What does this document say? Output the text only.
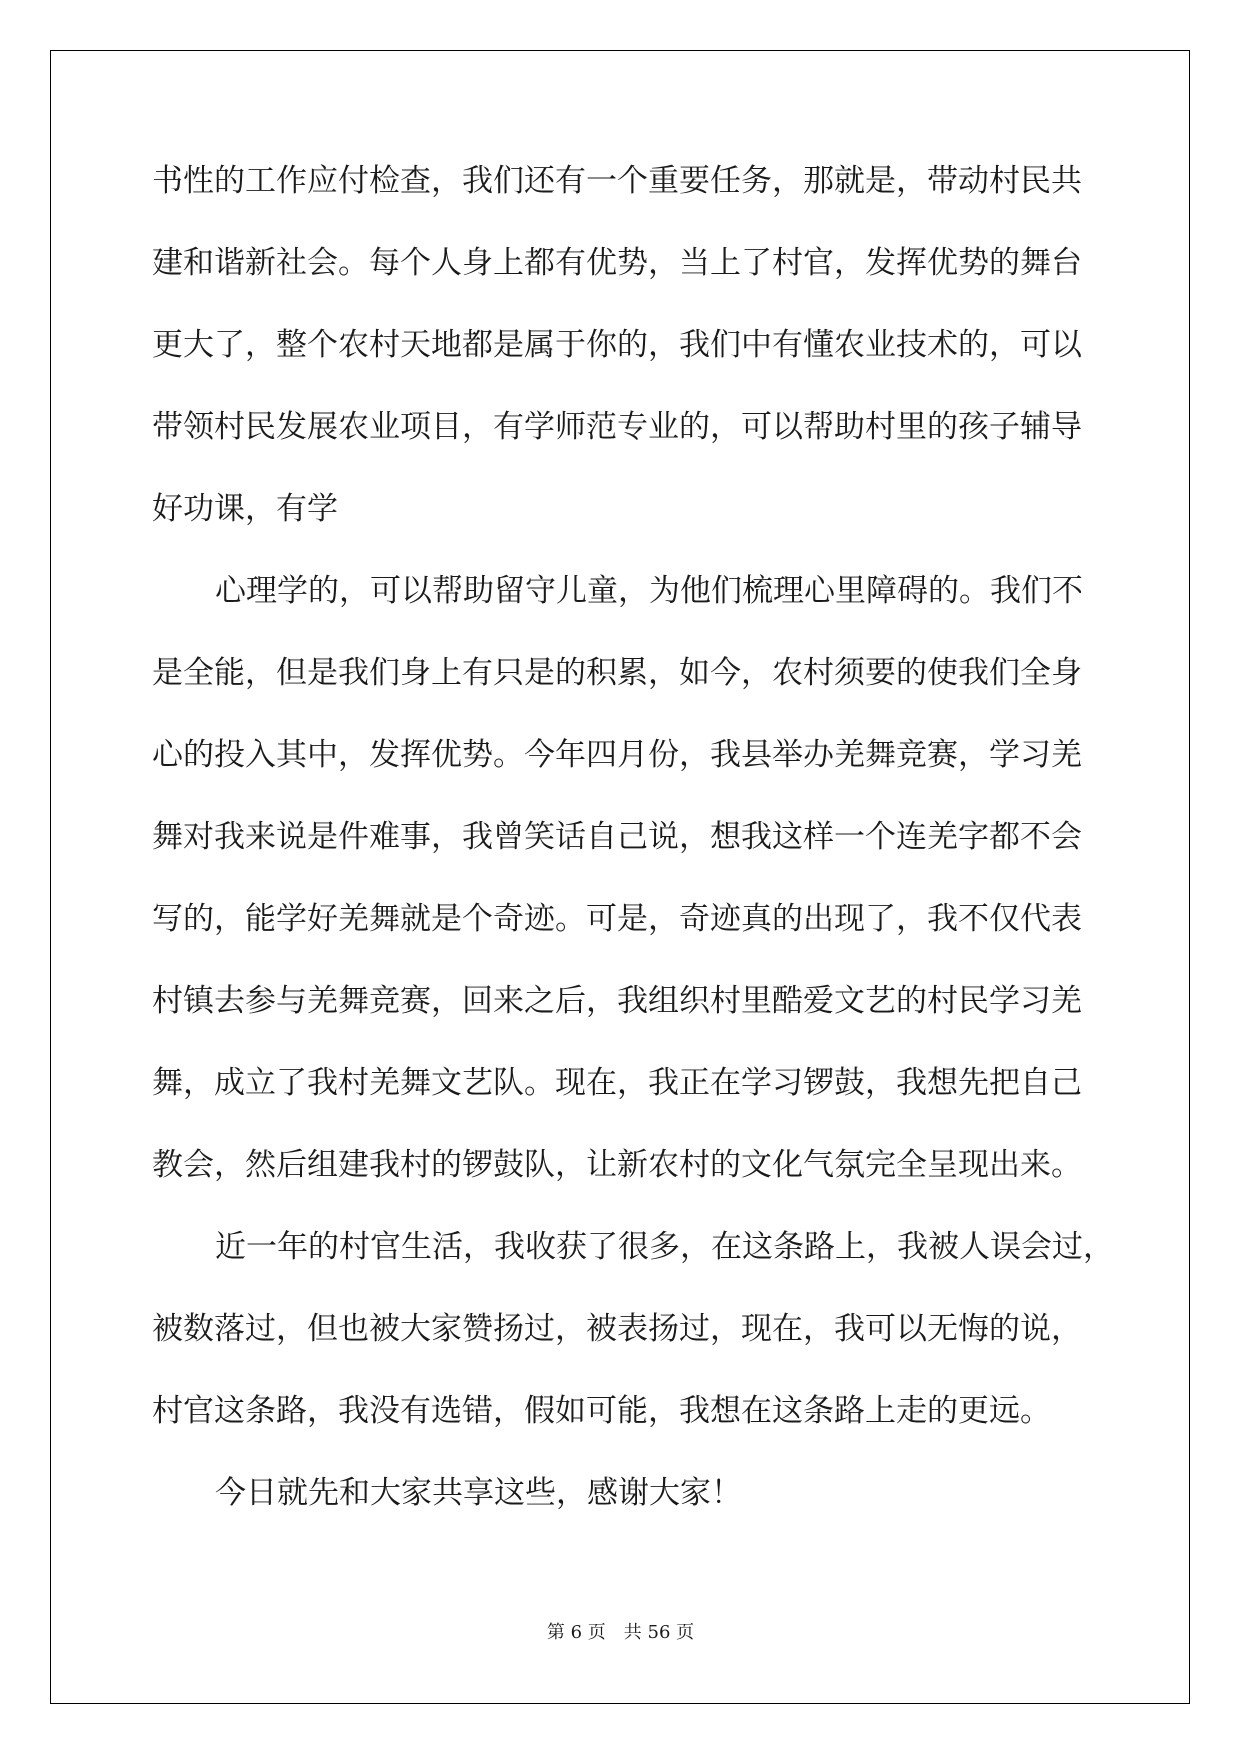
书性的工作应付检查，我们还有一个重要任务，那就是，带动村民共
建和谐新社会。每个人身上都有优势，当上了村官，发挥优势的舞台
更大了，整个农村天地都是属于你的，我们中有懂农业技术的，可以
带领村民发展农业项目，有学师范专业的，可以帮助村里的孩子辅导
好功课，有学
心理学的，可以帮助留守儿童，为他们梳理心里障碍的。我们不
是全能，但是我们身上有只是的积累，如今，农村须要的使我们全身
心的投入其中，发挥优势。今年四月份，我县举办羌舞竞赛，学习羌
舞对我来说是件难事，我曾笑话自己说，想我这样一个连羌字都不会
写的，能学好羌舞就是个奇迹。可是，奇迹真的出现了，我不仅代表
村镇去参与羌舞竞赛，回来之后，我组织村里酷爱文艺的村民学习羌
舞，成立了我村羌舞文艺队。现在，我正在学习锣鼓，我想先把自己
教会，然后组建我村的锣鼓队，让新农村的文化气氛完全呈现出来。
近一年的村官生活，我收获了很多，在这条路上，我被人误会过，
被数落过，但也被大家赞扬过，被表扬过，现在，我可以无悔的说，
村官这条路，我没有选错，假如可能，我想在这条路上走的更远。
今日就先和大家共享这些，感谢大家！
第 6 页 共 56 页
